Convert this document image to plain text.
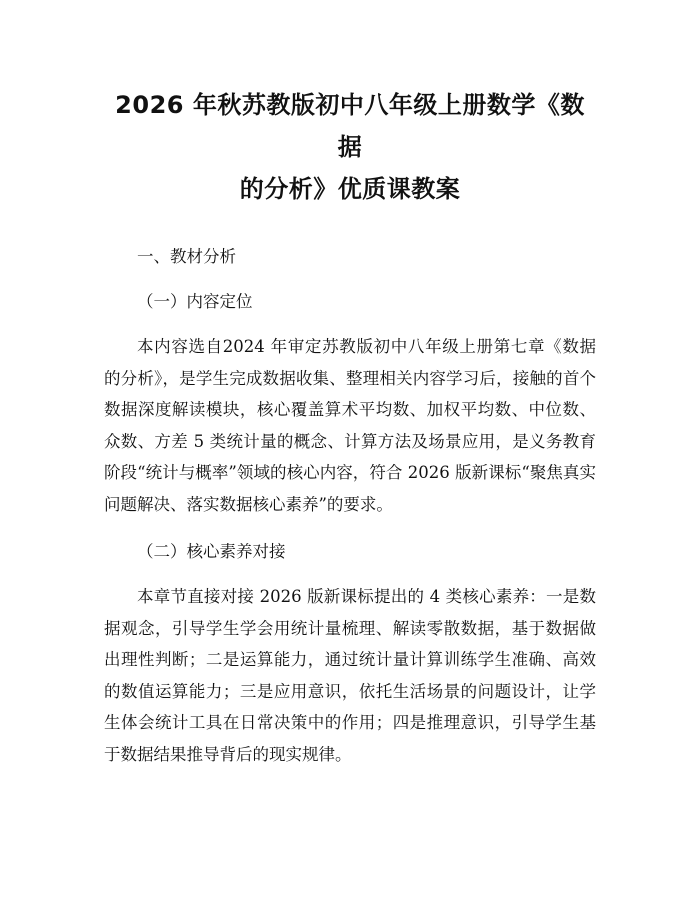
2026 年秋苏教版初中八年级上册数学《数据
的分析》优质课教案

一、教材分析

（一）内容定位

本内容选自2024 年审定苏教版初中八年级上册第七章《数据的分析》，是学生完成数据收集、整理相关内容学习后，接触的首个数据深度解读模块，核心覆盖算术平均数、加权平均数、中位数、众数、方差 5 类统计量的概念、计算方法及场景应用，是义务教育阶段“统计与概率”领域的核心内容，符合 2026 版新课标“聚焦真实问题解决、落实数据核心素养”的要求。

（二）核心素养对接

本章节直接对接 2026 版新课标提出的 4 类核心素养：一是数据观念，引导学生学会用统计量梳理、解读零散数据，基于数据做出理性判断；二是运算能力，通过统计量计算训练学生准确、高效的数值运算能力；三是应用意识，依托生活场景的问题设计，让学生体会统计工具在日常决策中的作用；四是推理意识，引导学生基于数据结果推导背后的现实规律。
